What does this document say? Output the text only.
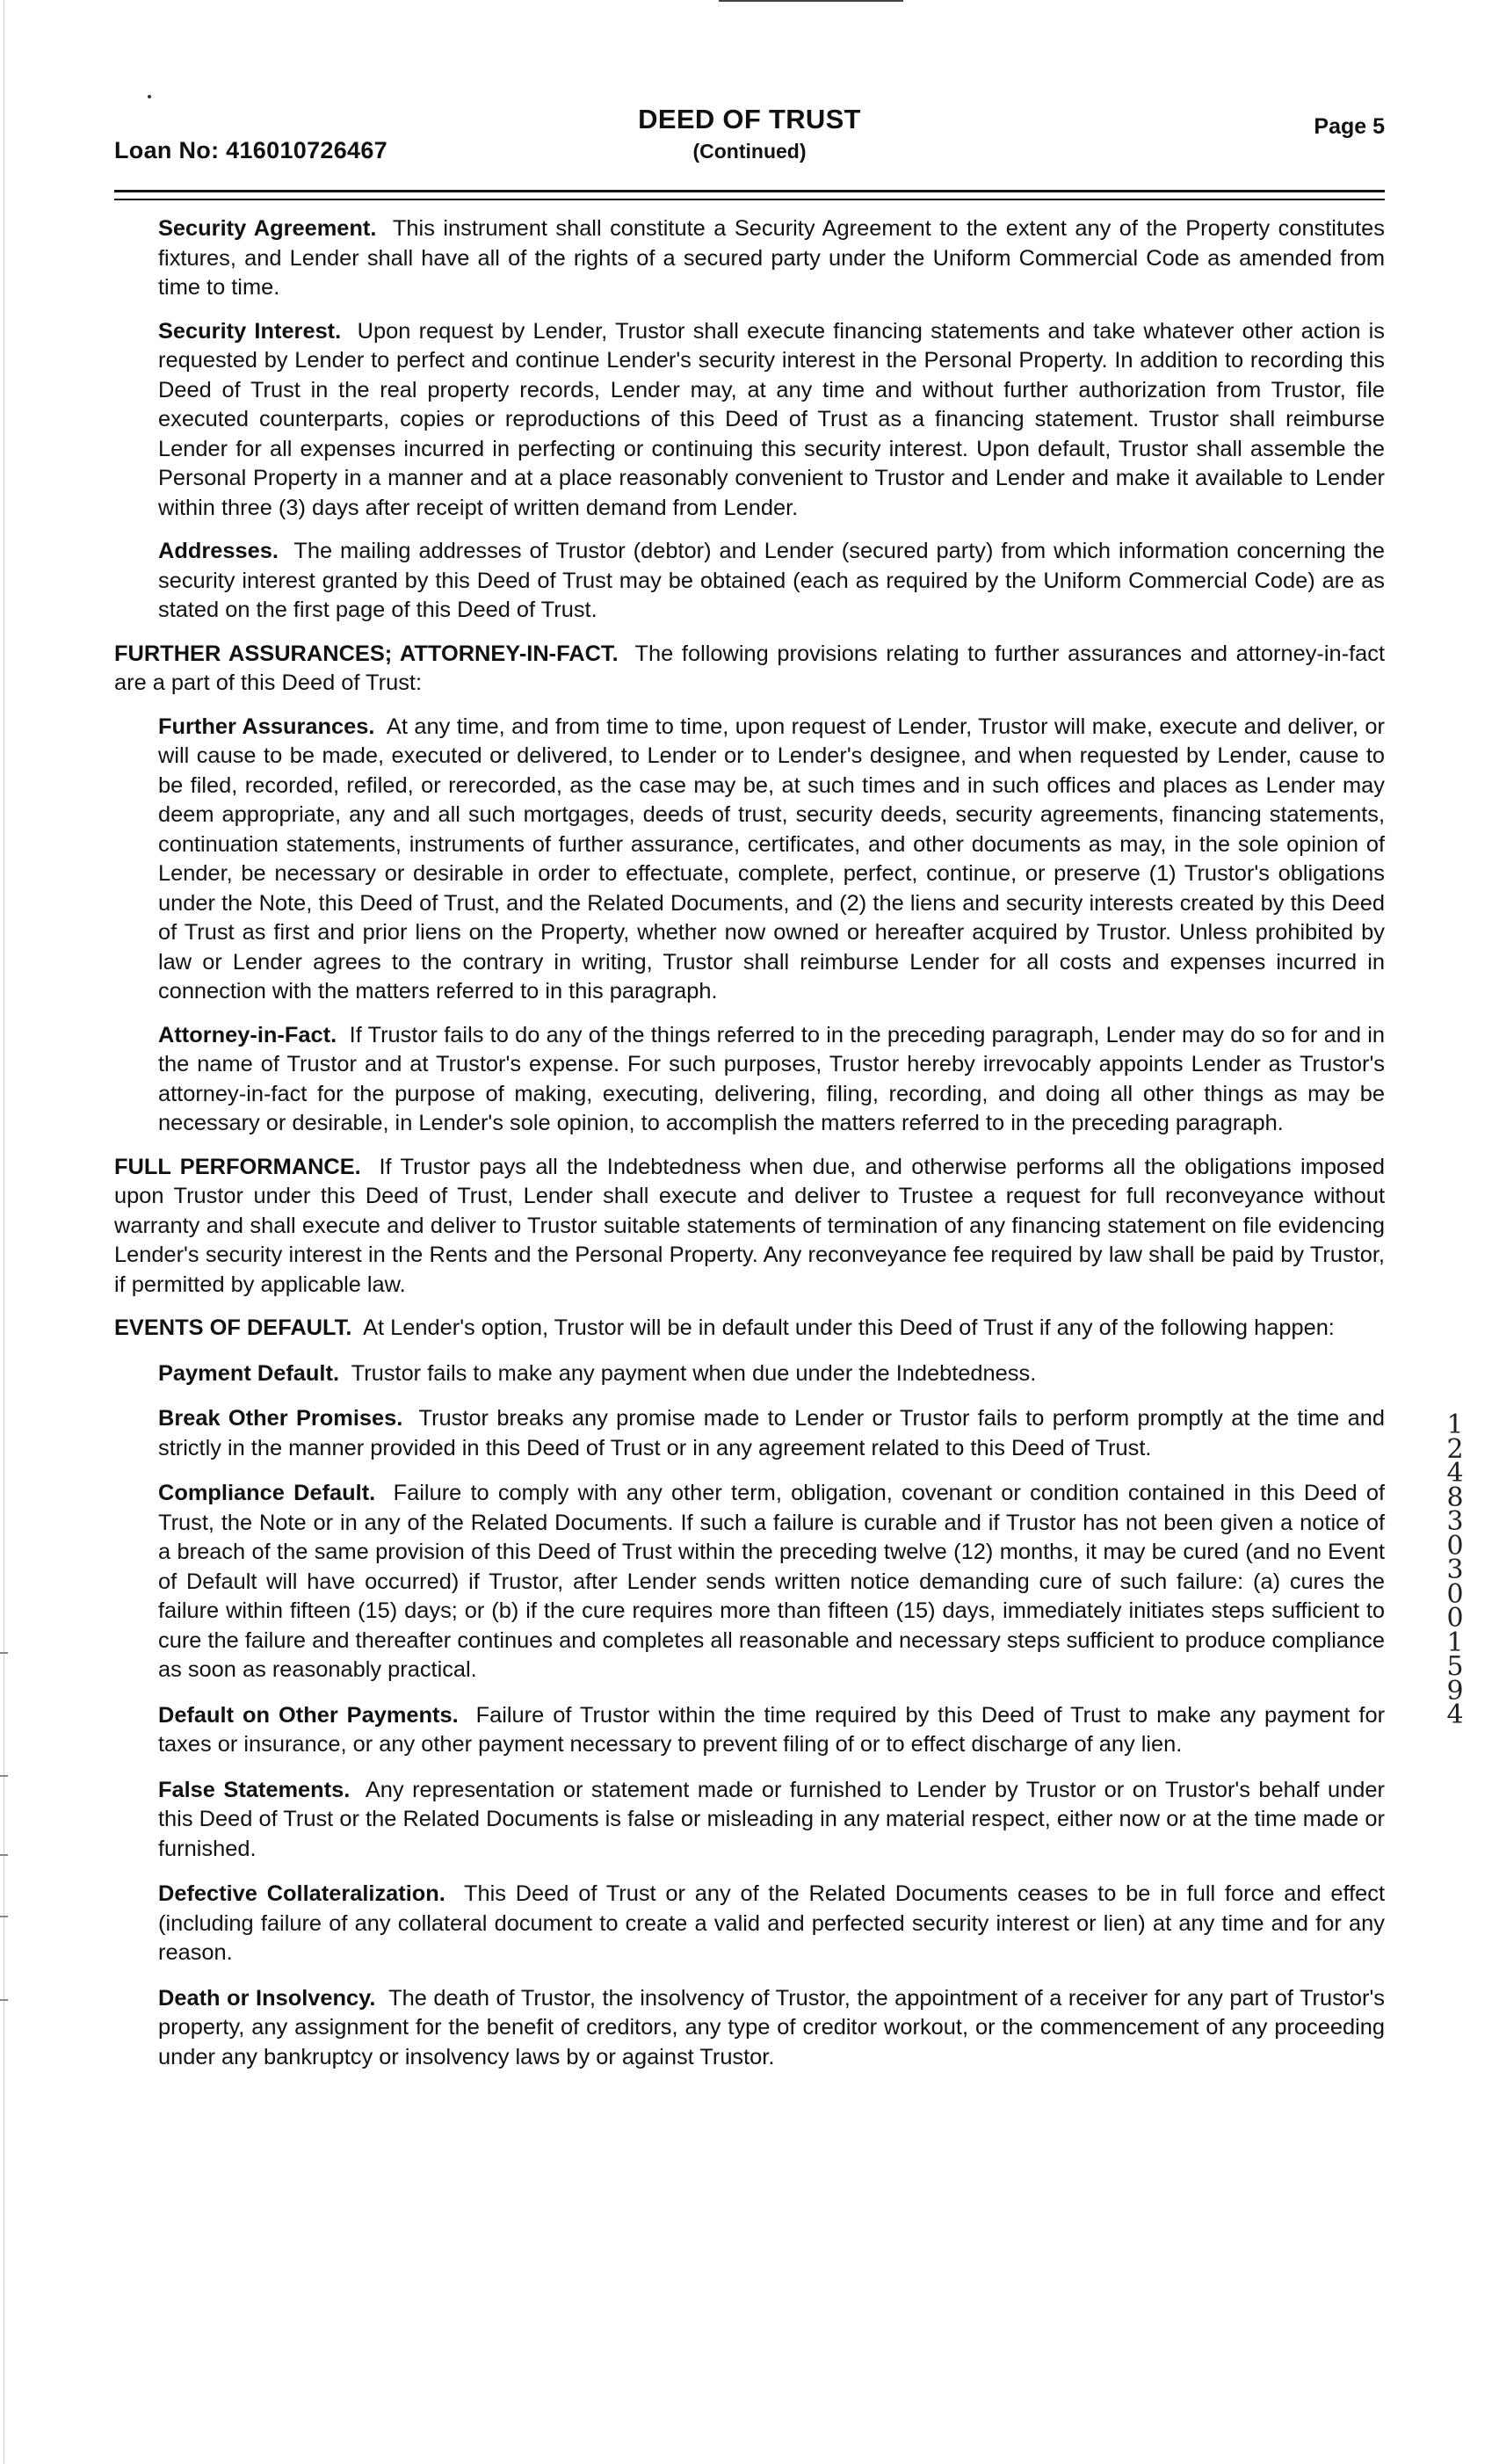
Loan No: 416010726467
DEED OF TRUST
(Continued)
Page 5

Security Agreement. This instrument shall constitute a Security Agreement to the extent any of the Property constitutes fixtures, and Lender shall have all of the rights of a secured party under the Uniform Commercial Code as amended from time to time.

Security Interest. Upon request by Lender, Trustor shall execute financing statements and take whatever other action is requested by Lender to perfect and continue Lender's security interest in the Personal Property. In addition to recording this Deed of Trust in the real property records, Lender may, at any time and without further authorization from Trustor, file executed counterparts, copies or reproductions of this Deed of Trust as a financing statement. Trustor shall reimburse Lender for all expenses incurred in perfecting or continuing this security interest. Upon default, Trustor shall assemble the Personal Property in a manner and at a place reasonably convenient to Trustor and Lender and make it available to Lender within three (3) days after receipt of written demand from Lender.

Addresses. The mailing addresses of Trustor (debtor) and Lender (secured party) from which information concerning the security interest granted by this Deed of Trust may be obtained (each as required by the Uniform Commercial Code) are as stated on the first page of this Deed of Trust.

FURTHER ASSURANCES; ATTORNEY-IN-FACT. The following provisions relating to further assurances and attorney-in-fact are a part of this Deed of Trust:

Further Assurances. At any time, and from time to time, upon request of Lender, Trustor will make, execute and deliver, or will cause to be made, executed or delivered, to Lender or to Lender's designee, and when requested by Lender, cause to be filed, recorded, refiled, or rerecorded, as the case may be, at such times and in such offices and places as Lender may deem appropriate, any and all such mortgages, deeds of trust, security deeds, security agreements, financing statements, continuation statements, instruments of further assurance, certificates, and other documents as may, in the sole opinion of Lender, be necessary or desirable in order to effectuate, complete, perfect, continue, or preserve (1) Trustor's obligations under the Note, this Deed of Trust, and the Related Documents, and (2) the liens and security interests created by this Deed of Trust as first and prior liens on the Property, whether now owned or hereafter acquired by Trustor. Unless prohibited by law or Lender agrees to the contrary in writing, Trustor shall reimburse Lender for all costs and expenses incurred in connection with the matters referred to in this paragraph.

Attorney-in-Fact. If Trustor fails to do any of the things referred to in the preceding paragraph, Lender may do so for and in the name of Trustor and at Trustor's expense. For such purposes, Trustor hereby irrevocably appoints Lender as Trustor's attorney-in-fact for the purpose of making, executing, delivering, filing, recording, and doing all other things as may be necessary or desirable, in Lender's sole opinion, to accomplish the matters referred to in the preceding paragraph.

FULL PERFORMANCE. If Trustor pays all the Indebtedness when due, and otherwise performs all the obligations imposed upon Trustor under this Deed of Trust, Lender shall execute and deliver to Trustee a request for full reconveyance without warranty and shall execute and deliver to Trustor suitable statements of termination of any financing statement on file evidencing Lender's security interest in the Rents and the Personal Property. Any reconveyance fee required by law shall be paid by Trustor, if permitted by applicable law.

EVENTS OF DEFAULT. At Lender's option, Trustor will be in default under this Deed of Trust if any of the following happen:

Payment Default. Trustor fails to make any payment when due under the Indebtedness.

Break Other Promises. Trustor breaks any promise made to Lender or Trustor fails to perform promptly at the time and strictly in the manner provided in this Deed of Trust or in any agreement related to this Deed of Trust.

Compliance Default. Failure to comply with any other term, obligation, covenant or condition contained in this Deed of Trust, the Note or in any of the Related Documents. If such a failure is curable and if Trustor has not been given a notice of a breach of the same provision of this Deed of Trust within the preceding twelve (12) months, it may be cured (and no Event of Default will have occurred) if Trustor, after Lender sends written notice demanding cure of such failure: (a) cures the failure within fifteen (15) days; or (b) if the cure requires more than fifteen (15) days, immediately initiates steps sufficient to cure the failure and thereafter continues and completes all reasonable and necessary steps sufficient to produce compliance as soon as reasonably practical.

Default on Other Payments. Failure of Trustor within the time required by this Deed of Trust to make any payment for taxes or insurance, or any other payment necessary to prevent filing of or to effect discharge of any lien.

False Statements. Any representation or statement made or furnished to Lender by Trustor or on Trustor's behalf under this Deed of Trust or the Related Documents is false or misleading in any material respect, either now or at the time made or furnished.

Defective Collateralization. This Deed of Trust or any of the Related Documents ceases to be in full force and effect (including failure of any collateral document to create a valid and perfected security interest or lien) at any time and for any reason.

Death or Insolvency. The death of Trustor, the insolvency of Trustor, the appointment of a receiver for any part of Trustor's property, any assignment for the benefit of creditors, any type of creditor workout, or the commencement of any proceeding under any bankruptcy or insolvency laws by or against Trustor.

1
2
4
8
3
0
3
0
0
1
5
9
4
